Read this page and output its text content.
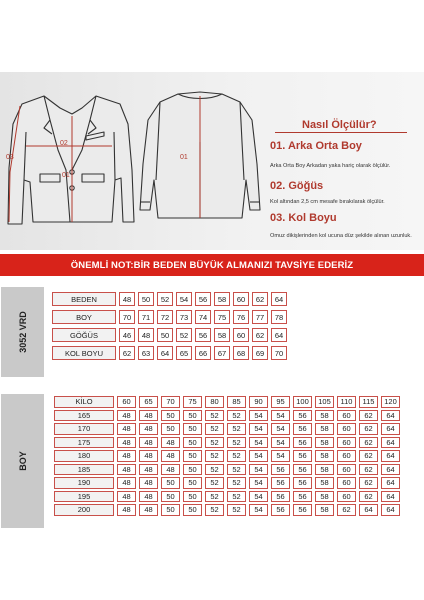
03
02
01
01
Nasıl Ölçülür?
01. Arka Orta Boy
Arka Orta Boy Arkadan yaka hariç olarak ölçülür.
02. Göğüs
Kol altından 2,5 cm mesafe bırakılarak ölçülür.
03. Kol Boyu
Omuz dikişlerinden kol ucuna düz şekilde alınan uzunluk.
ÖNEMLİ NOT:BİR BEDEN BÜYÜK ALMANIZI TAVSİYE EDERİZ
3052 VRD
BEDEN	48	50	52	54	56	58	60	62	64
BOY	70	71	72	73	74	75	76	77	78
GÖĞÜS	46	48	50	52	56	58	60	62	64
KOL BOYU	62	63	64	65	66	67	68	69	70
BOY
KİLO	60	65	70	75	80	85	90	95	100	105	110	115	120
165	48	48	50	50	52	52	54	54	56	58	60	62	64
170	48	48	50	50	52	52	54	54	56	58	60	62	64
175	48	48	48	50	52	52	54	54	56	58	60	62	64
180	48	48	48	50	52	52	54	54	56	58	60	62	64
185	48	48	48	50	52	52	54	56	56	58	60	62	64
190	48	48	50	50	52	52	54	56	56	58	60	62	64
195	48	48	50	50	52	52	54	56	56	58	60	62	64
200	48	48	50	50	52	52	54	56	56	58	62	64	64
